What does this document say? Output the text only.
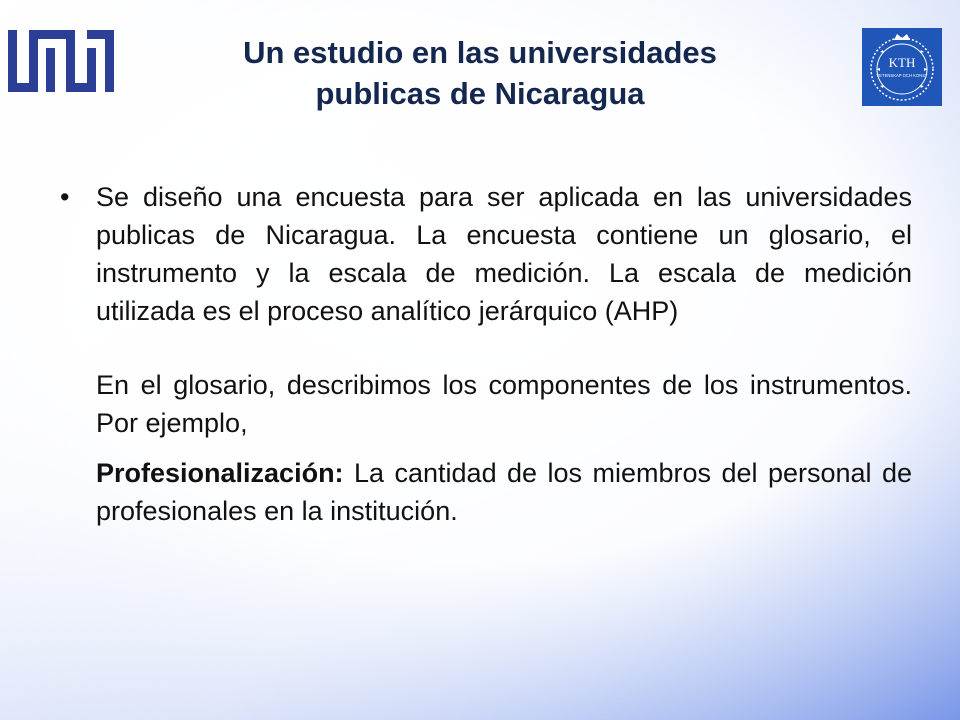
Un estudio en las universidades
publicas de Nicaragua
KTH
VETENSKAP OCH KONST
• Se diseño una encuesta para ser aplicada en las universidades publicas de Nicaragua. La encuesta contiene un glosario, el instrumento y la escala de medición. La escala de medición utilizada es el proceso analítico jerárquico (AHP)
En el glosario, describimos los componentes de los instrumentos. Por ejemplo,
Profesionalización: La cantidad de los miembros del personal de profesionales en la institución.
